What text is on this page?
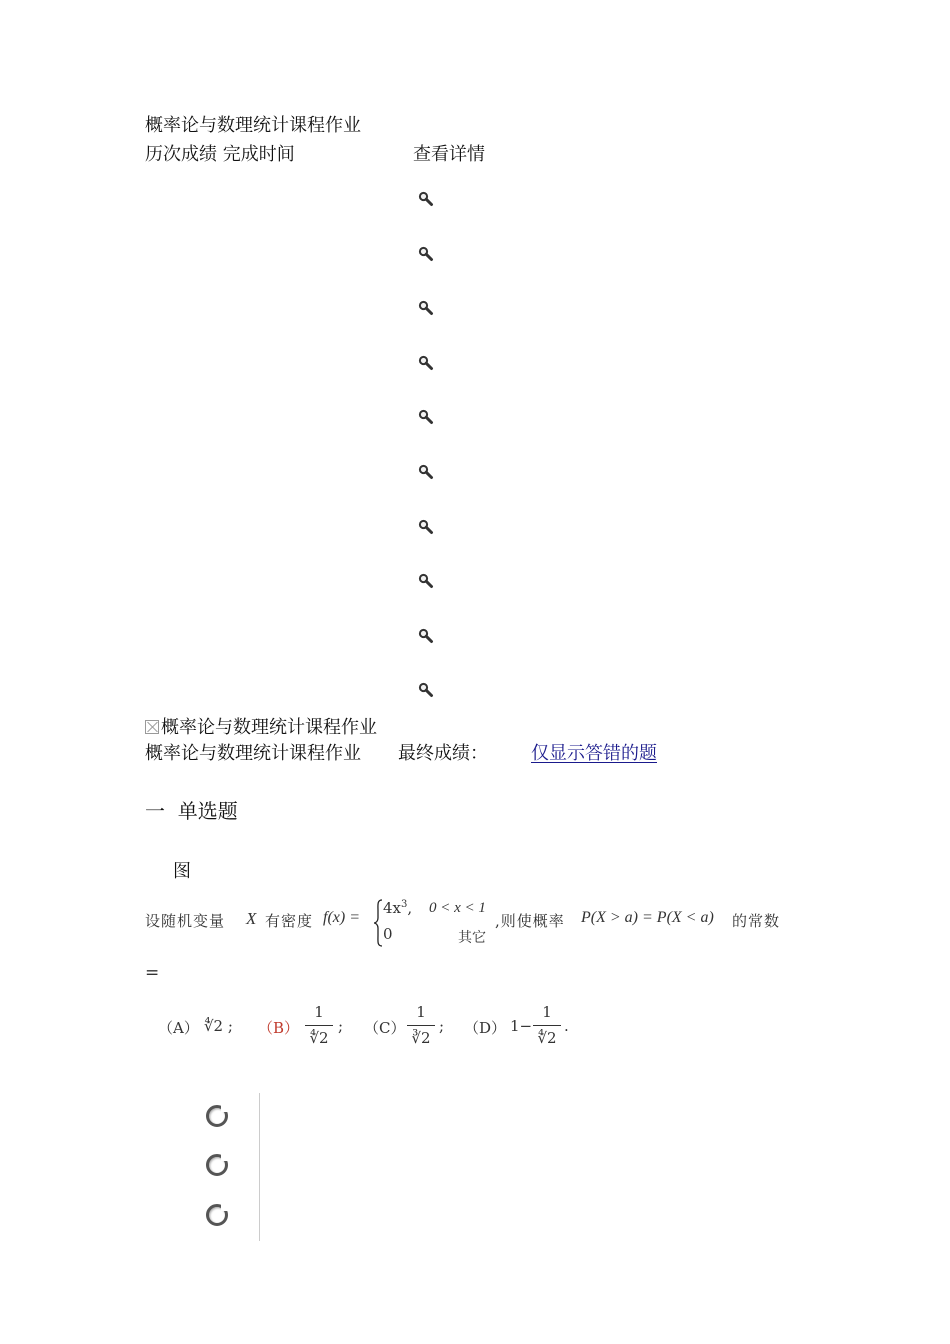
概率论与数理统计课程作业
历次成绩 完成时间	查看详情
概率论与数理统计课程作业
概率论与数理统计课程作业 最终成绩： 仅显示答错的题
一  单选题
图
设随机变量 X 有密度 f(x) =
$4x^3$, 0 < x < 1
0	其它
,则使概率 P(X > a) = P(X < a) 的常数
=
（A） ∜2 ; （B）
1
∜2
; （C）
1
∛2
; （D） 1−
1
∜2
.
